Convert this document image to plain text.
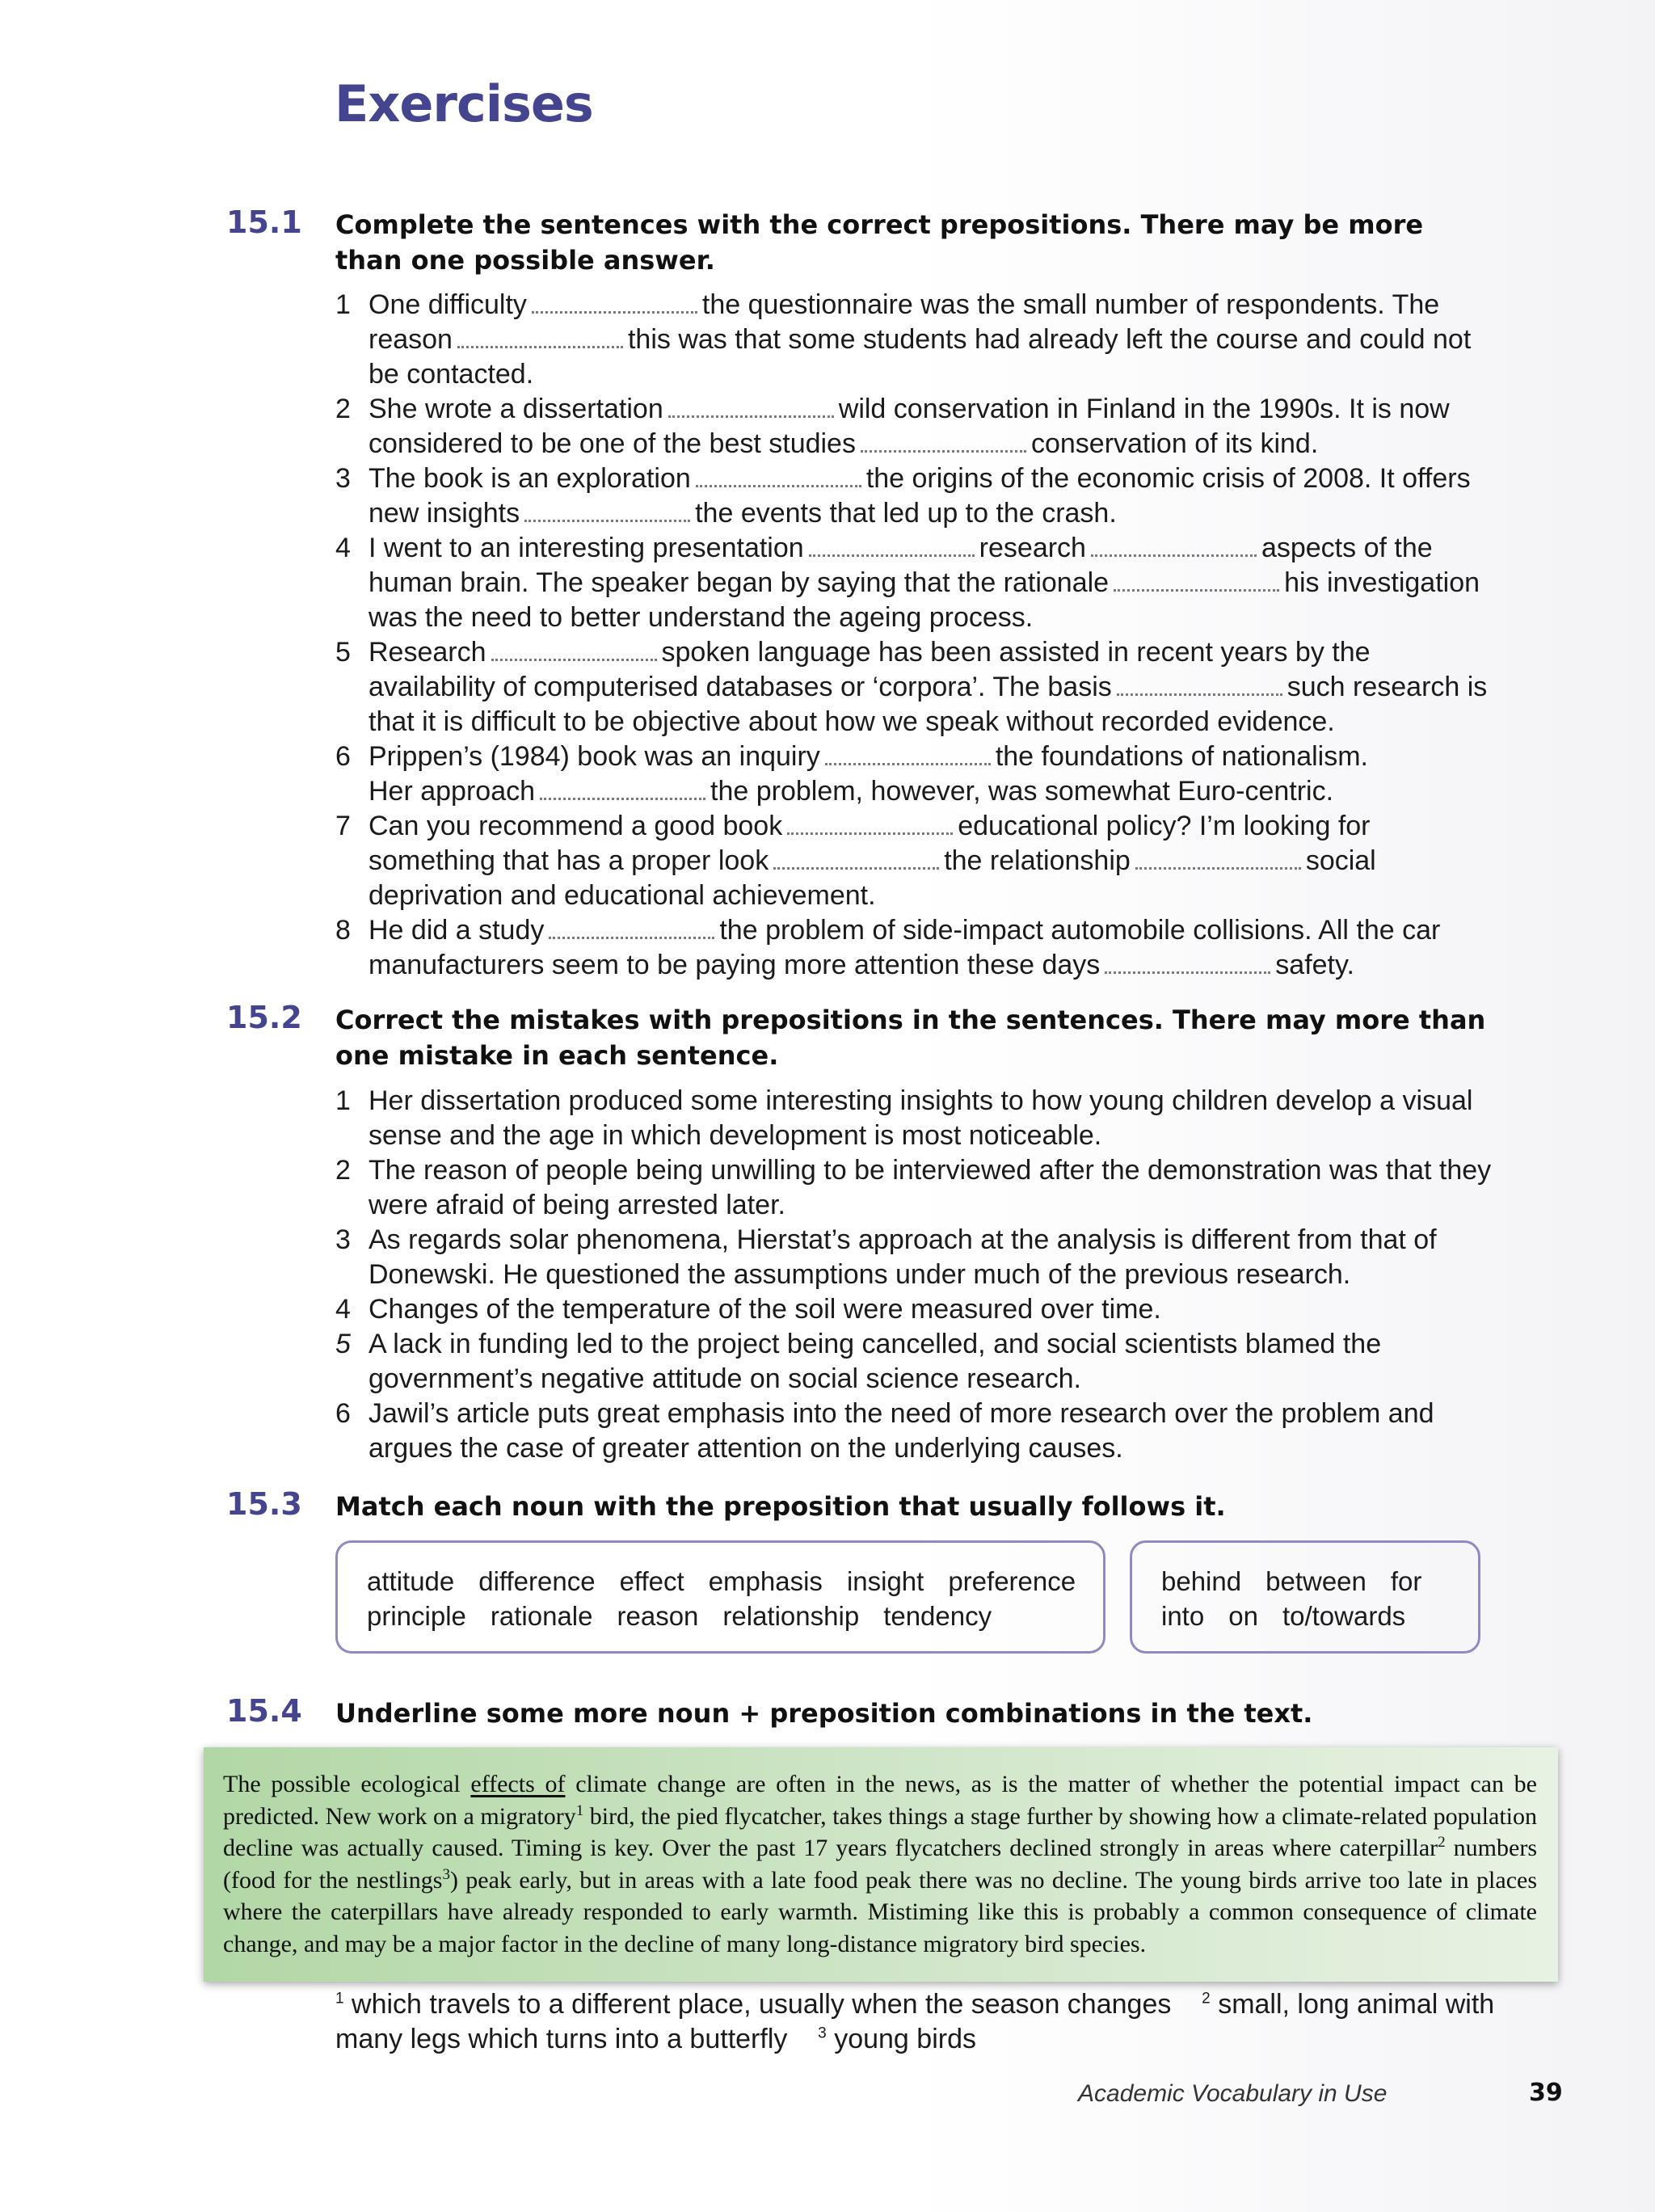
Exercises
15.1 Complete the sentences with the correct prepositions. There may be more than one possible answer.
1 One difficulty	the questionnaire was the small number of respondents. The reason	this was that some students had already left the course and could not be contacted.
2 She wrote a dissertation	wild conservation in Finland in the 1990s. It is now considered to be one of the best studies	conservation of its kind.
3 The book is an exploration	the origins of the economic crisis of 2008. It offers new insights	the events that led up to the crash.
4 I went to an interesting presentation	research	aspects of the human brain. The speaker began by saying that the rationale	his investigation was the need to better understand the ageing process.
5 Research	spoken language has been assisted in recent years by the availability of computerised databases or ‘corpora’. The basis	such research is that it is difficult to be objective about how we speak without recorded evidence.
6 Prippen’s (1984) book was an inquiry	the foundations of nationalism.
Her approach	the problem, however, was somewhat Euro-centric.
7 Can you recommend a good book	educational policy? I’m looking for something that has a proper look	the relationship	social deprivation and educational achievement.
8 He did a study	the problem of side-impact automobile collisions. All the car manufacturers seem to be paying more attention these days	safety.
15.2 Correct the mistakes with prepositions in the sentences. There may more than one mistake in each sentence.
1 Her dissertation produced some interesting insights to how young children develop a visual sense and the age in which development is most noticeable.
2 The reason of people being unwilling to be interviewed after the demonstration was that they were afraid of being arrested later.
3 As regards solar phenomena, Hierstat’s approach at the analysis is different from that of Donewski. He questioned the assumptions under much of the previous research.
4 Changes of the temperature of the soil were measured over time.
5 A lack in funding led to the project being cancelled, and social scientists blamed the government’s negative attitude on social science research.
6 Jawil’s article puts great emphasis into the need of more research over the problem and argues the case of greater attention on the underlying causes.
15.3 Match each noun with the preposition that usually follows it.
attitude difference effect emphasis insight preference
principle rationale reason relationship tendency
behind between for
into on to/towards
15.4 Underline some more noun + preposition combinations in the text.
The possible ecological effects of climate change are often in the news, as is the matter of whether the potential impact can be predicted. New work on a migratory$^1$ bird, the pied flycatcher, takes things a stage further by showing how a climate-related population decline was actually caused. Timing is key. Over the past 17 years flycatchers declined strongly in areas where caterpillar$^2$ numbers (food for the nestlings$^3$) peak early, but in areas with a late food peak there was no decline. The young birds arrive too late in places where the caterpillars have already responded to early warmth. Mistiming like this is probably a common consequence of climate change, and may be a major factor in the decline of many long-distance migratory bird species.
$^1$ which travels to a different place, usually when the season changes $^2$ small, long animal with many legs which turns into a butterfly $^3$ young birds
Academic Vocabulary in Use	39
